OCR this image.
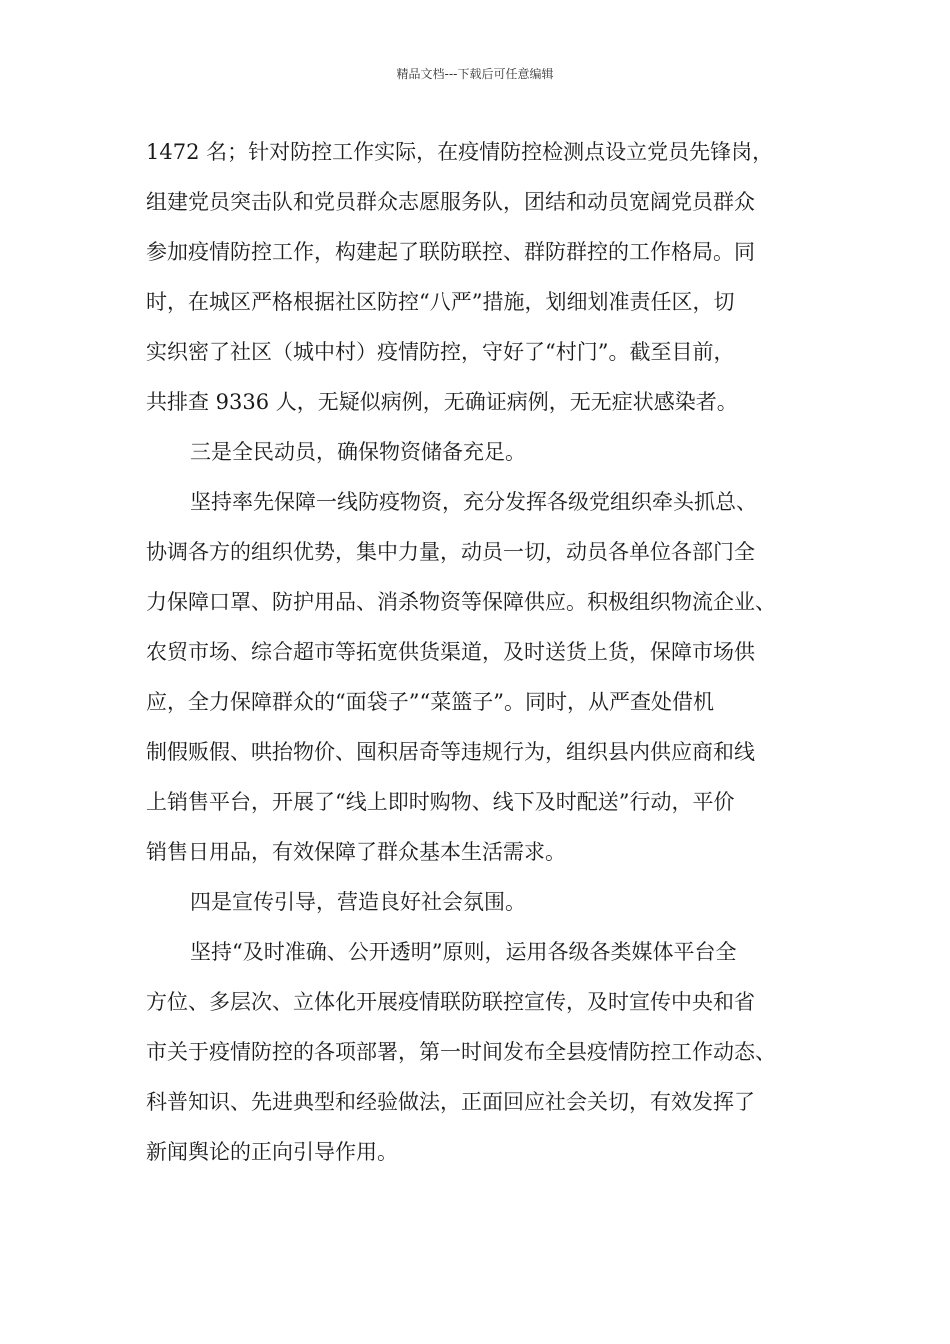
精品文档---下载后可任意编辑
1472 名；针对防控工作实际，在疫情防控检测点设立党员先锋岗，
组建党员突击队和党员群众志愿服务队，团结和动员宽阔党员群众
参加疫情防控工作，构建起了联防联控、群防群控的工作格局。同
时，在城区严格根据社区防控“八严”措施，划细划准责任区，切
实织密了社区（城中村）疫情防控，守好了“村门”。截至目前，
共排查 9336 人，无疑似病例，无确证病例，无无症状感染者。
三是全民动员，确保物资储备充足。
坚持率先保障一线防疫物资，充分发挥各级党组织牵头抓总、
协调各方的组织优势，集中力量，动员一切，动员各单位各部门全
力保障口罩、防护用品、消杀物资等保障供应。积极组织物流企业、
农贸市场、综合超市等拓宽供货渠道，及时送货上货，保障市场供
应，全力保障群众的“面袋子”“菜篮子”。同时，从严查处借机
制假贩假、哄抬物价、囤积居奇等违规行为，组织县内供应商和线
上销售平台，开展了“线上即时购物、线下及时配送”行动，平价
销售日用品，有效保障了群众基本生活需求。
四是宣传引导，营造良好社会氛围。
坚持“及时准确、公开透明”原则，运用各级各类媒体平台全
方位、多层次、立体化开展疫情联防联控宣传，及时宣传中央和省
市关于疫情防控的各项部署，第一时间发布全县疫情防控工作动态、
科普知识、先进典型和经验做法，正面回应社会关切，有效发挥了
新闻舆论的正向引导作用。
